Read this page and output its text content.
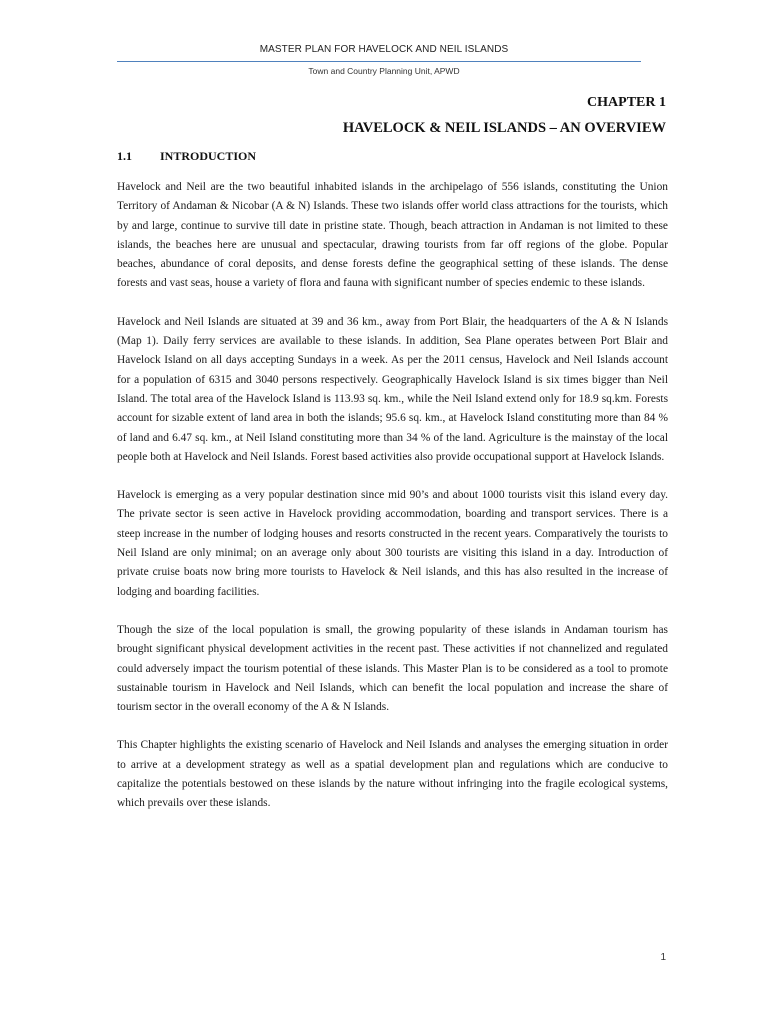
MASTER PLAN FOR HAVELOCK AND NEIL ISLANDS
Town and Country Planning Unit, APWD
CHAPTER 1
HAVELOCK & NEIL ISLANDS – AN OVERVIEW
1.1 INTRODUCTION

Havelock and Neil are the two beautiful inhabited islands in the archipelago of 556 islands, constituting the Union Territory of Andaman & Nicobar (A & N) Islands. These two islands offer world class attractions for the tourists, which by and large, continue to survive till date in pristine state. Though, beach attraction in Andaman is not limited to these islands, the beaches here are unusual and spectacular, drawing tourists from far off regions of the globe. Popular beaches, abundance of coral deposits, and dense forests define the geographical setting of these islands. The dense forests and vast seas, house a variety of flora and fauna with significant number of species endemic to these islands.

Havelock and Neil Islands are situated at 39 and 36 km., away from Port Blair, the headquarters of the A & N Islands (Map 1). Daily ferry services are available to these islands. In addition, Sea Plane operates between Port Blair and Havelock Island on all days accepting Sundays in a week. As per the 2011 census, Havelock and Neil Islands account for a population of 6315 and 3040 persons respectively. Geographically Havelock Island is six times bigger than Neil Island. The total area of the Havelock Island is 113.93 sq. km., while the Neil Island extend only for 18.9 sq.km. Forests account for sizable extent of land area in both the islands; 95.6 sq. km., at Havelock Island constituting more than 84 % of land and 6.47 sq. km., at Neil Island constituting more than 34 % of the land. Agriculture is the mainstay of the local people both at Havelock and Neil Islands. Forest based activities also provide occupational support at Havelock Islands.

Havelock is emerging as a very popular destination since mid 90’s and about 1000 tourists visit this island every day. The private sector is seen active in Havelock providing accommodation, boarding and transport services. There is a steep increase in the number of lodging houses and resorts constructed in the recent years. Comparatively the tourists to Neil Island are only minimal; on an average only about 300 tourists are visiting this island in a day. Introduction of private cruise boats now bring more tourists to Havelock & Neil islands, and this has also resulted in the increase of lodging and boarding facilities.

Though the size of the local population is small, the growing popularity of these islands in Andaman tourism has brought significant physical development activities in the recent past. These activities if not channelized and regulated could adversely impact the tourism potential of these islands. This Master Plan is to be considered as a tool to promote sustainable tourism in Havelock and Neil Islands, which can benefit the local population and increase the share of tourism sector in the overall economy of the A & N Islands.

This Chapter highlights the existing scenario of Havelock and Neil Islands and analyses the emerging situation in order to arrive at a development strategy as well as a spatial development plan and regulations which are conducive to capitalize the potentials bestowed on these islands by the nature without infringing into the fragile ecological systems, which prevails over these islands.

1
